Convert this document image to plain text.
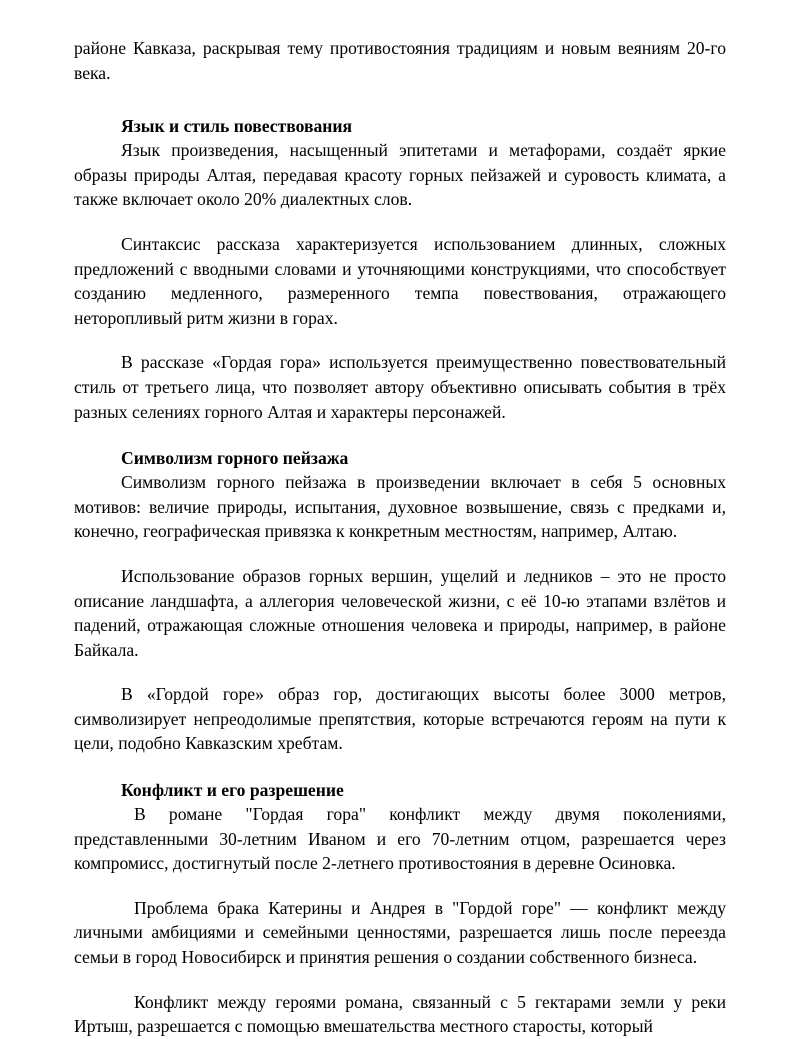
районе Кавказа, раскрывая тему противостояния традициям и новым веяниям 20-го века.

Язык и стиль повествования

Язык произведения, насыщенный эпитетами и метафорами, создаёт яркие образы природы Алтая, передавая красоту горных пейзажей и суровость климата, а также включает около 20% диалектных слов.

Синтаксис рассказа характеризуется использованием длинных, сложных предложений с вводными словами и уточняющими конструкциями, что способствует созданию медленного, размеренного темпа повествования, отражающего неторопливый ритм жизни в горах.

В рассказе «Гордая гора» используется преимущественно повествовательный стиль от третьего лица, что позволяет автору объективно описывать события в трёх разных селениях горного Алтая и характеры персонажей.

Символизм горного пейзажа

Символизм горного пейзажа в произведении включает в себя 5 основных мотивов: величие природы, испытания, духовное возвышение, связь с предками и, конечно, географическая привязка к конкретным местностям, например, Алтаю.

Использование образов горных вершин, ущелий и ледников – это не просто описание ландшафта, а аллегория человеческой жизни, с её 10-ю этапами взлётов и падений, отражающая сложные отношения человека и природы, например, в районе Байкала.

В «Гордой горе» образ гор, достигающих высоты более 3000 метров, символизирует непреодолимые препятствия, которые встречаются героям на пути к цели, подобно Кавказским хребтам.

Конфликт и его разрешение

В романе "Гордая гора" конфликт между двумя поколениями, представленными 30-летним Иваном и его 70-летним отцом, разрешается через компромисс, достигнутый после 2-летнего противостояния в деревне Осиновка.

Проблема брака Катерины и Андрея в "Гордой горе" — конфликт между личными амбициями и семейными ценностями, разрешается лишь после переезда семьи в город Новосибирск и принятия решения о создании собственного бизнеса.

Конфликт между героями романа, связанный с 5 гектарами земли у реки Иртыш, разрешается с помощью вмешательства местного старосты, который
